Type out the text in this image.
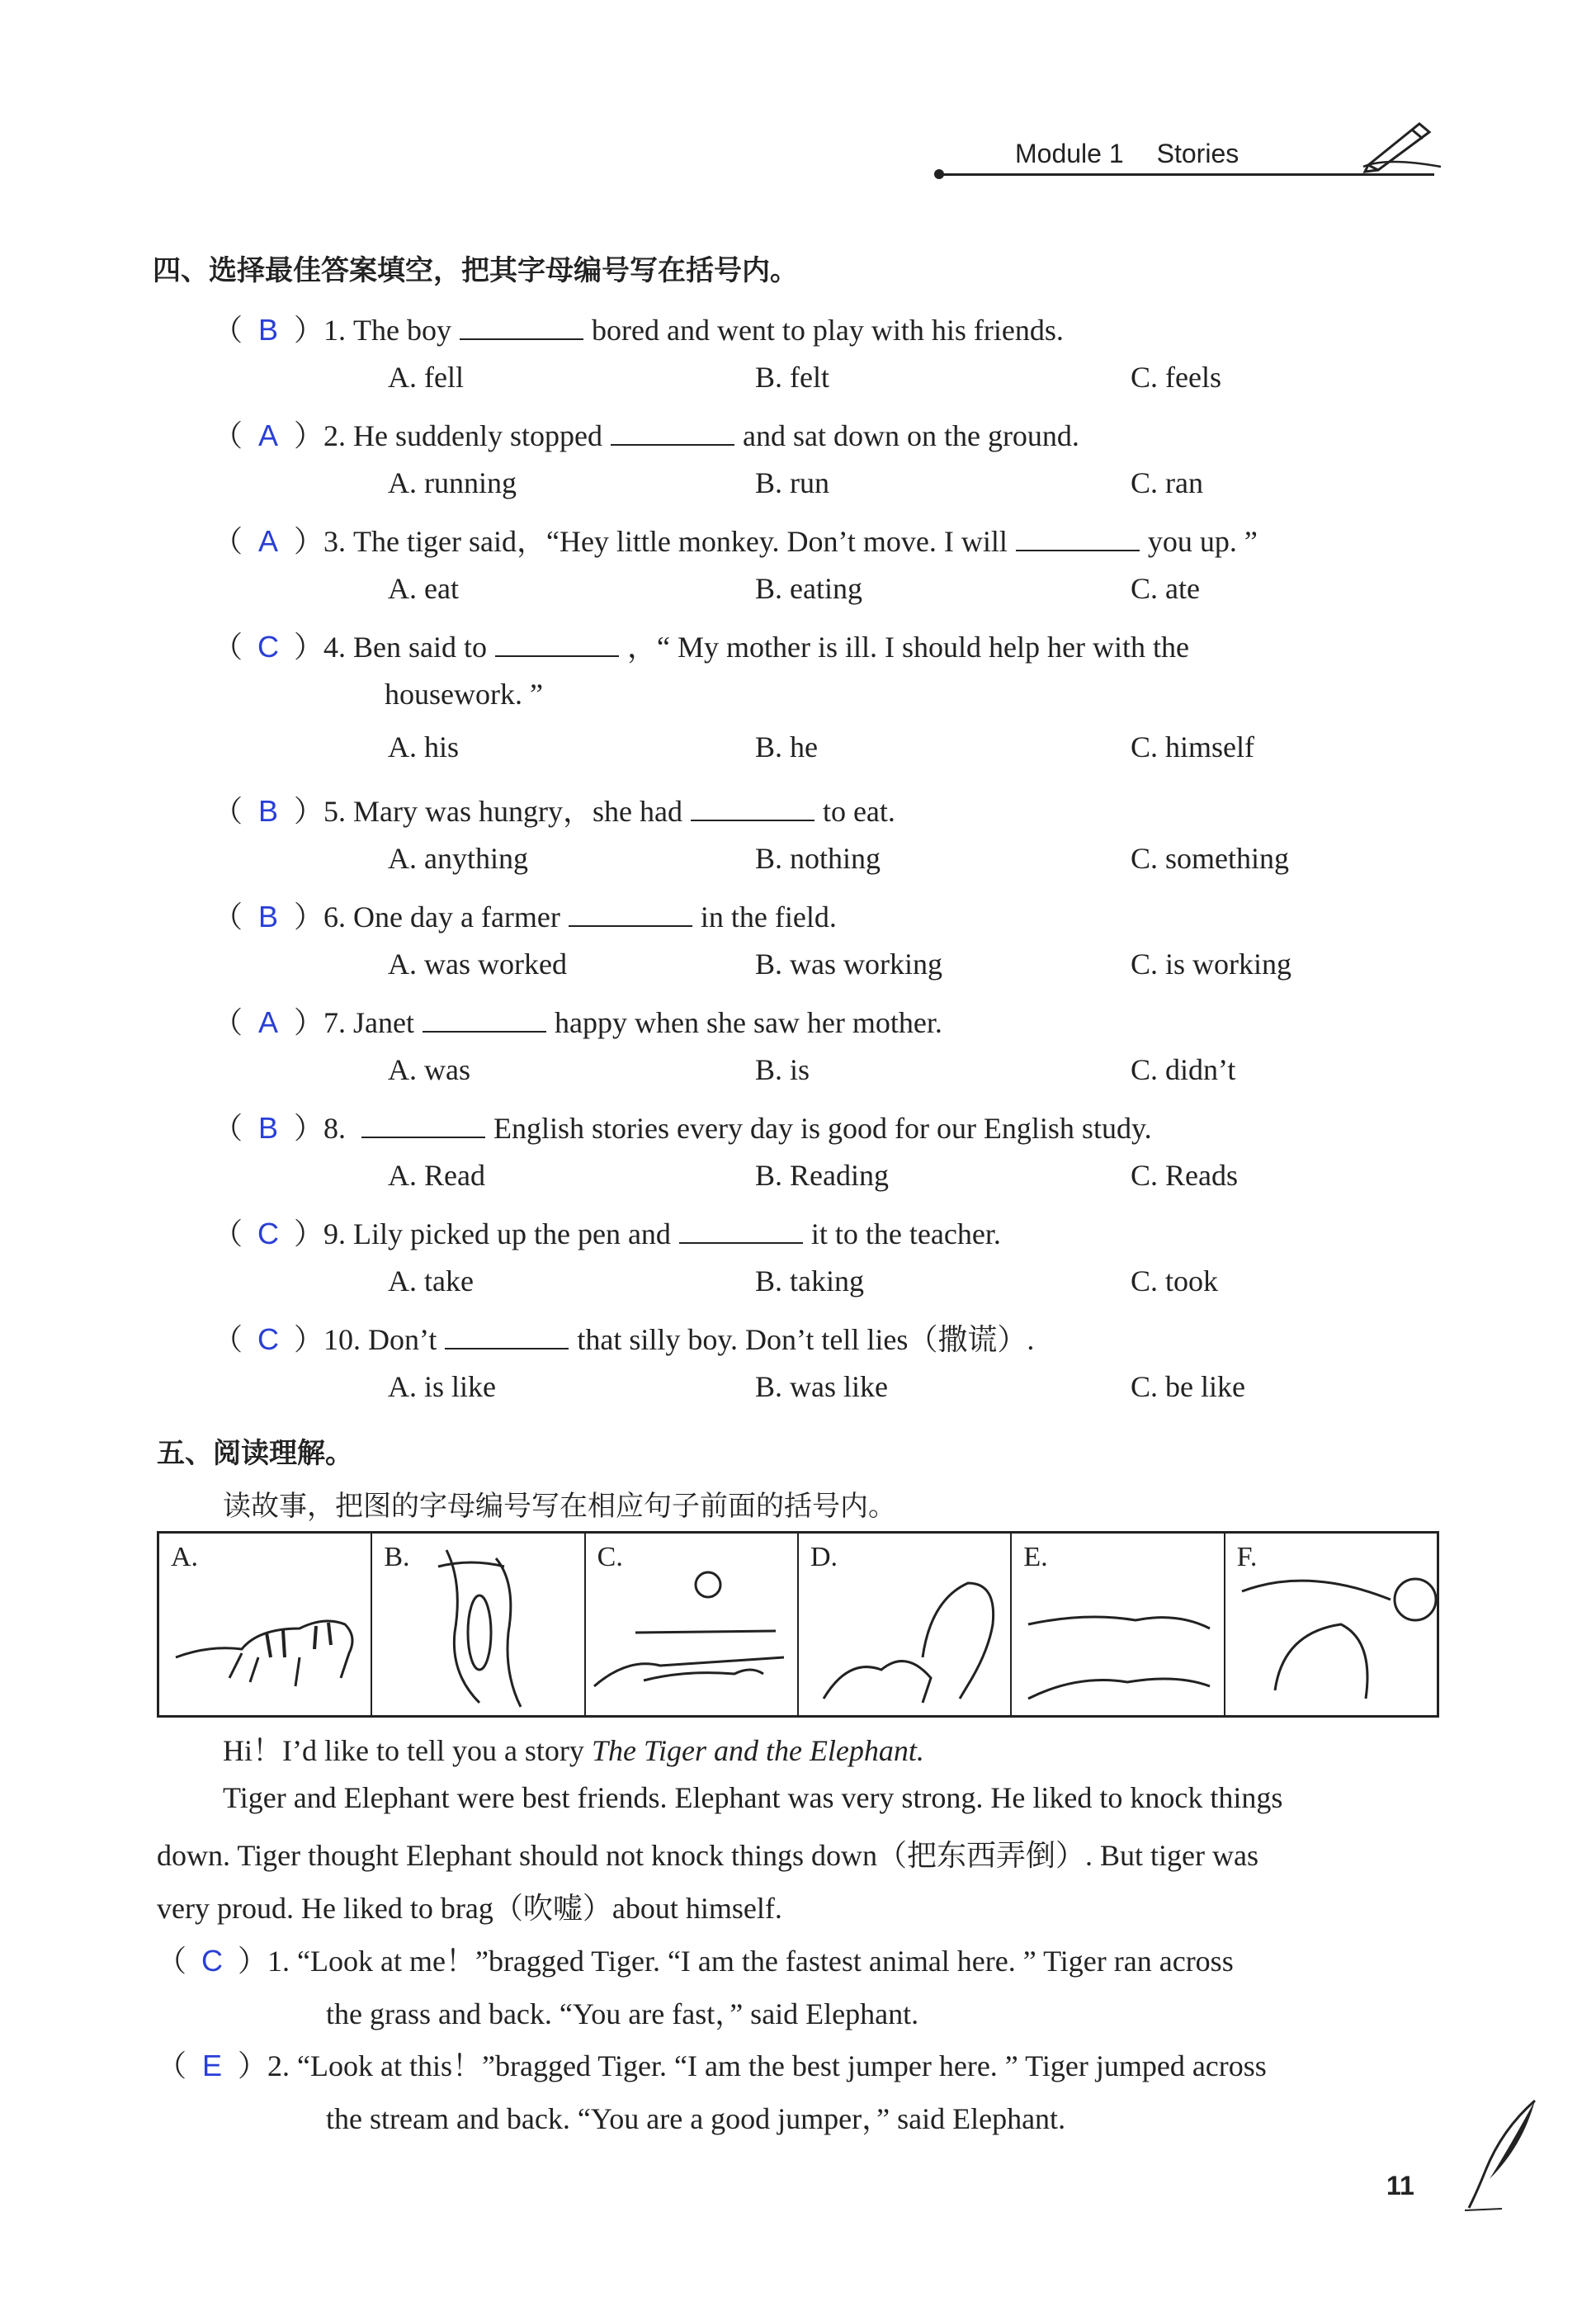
Module 1 Stories
四、选择最佳答案填空，把其字母编号写在括号内。
（ B ）1. The boy	bored and went to play with his friends.
A. fell	B. felt	C. feels
（ A ）2. He suddenly stopped	and sat down on the ground.
A. running	B. run	C. ran
（ A ）3. The tiger said，“Hey little monkey. Don’t move. I will	you up. ”
A. eat	B. eating	C. ate
（ C ）4. Ben said to	，“ My mother is ill. I should help her with the
housework. ”
A. his	B. he	C. himself
（ B ）5. Mary was hungry，she had	to eat.
A. anything	B. nothing	C. something
（ B ）6. One day a farmer	in the field.
A. was worked	B. was working	C. is working
（ A ）7. Janet	happy when she saw her mother.
A. was	B. is	C. didn’t
（ B ）8.	English stories every day is good for our English study.
A. Read	B. Reading	C. Reads
（ C ）9. Lily picked up the pen and	it to the teacher.
A. take	B. taking	C. took
（ C ）10. Don’t	that silly boy. Don’t tell lies（撒谎）.
A. is like	B. was like	C. be like
五、阅读理解。
读故事，把图的字母编号写在相应句子前面的括号内。
A.	B.	C.	D.	E.	F.
Hi！I’d like to tell you a story The Tiger and the Elephant.
Tiger and Elephant were best friends. Elephant was very strong. He liked to knock things
down. Tiger thought Elephant should not knock things down（把东西弄倒）. But tiger was
very proud. He liked to brag（吹嘘）about himself.
（ C ）1. “Look at me！”bragged Tiger. “I am the fastest animal here. ” Tiger ran across
the grass and back. “You are fast，” said Elephant.
（ E ）2. “Look at this！”bragged Tiger. “I am the best jumper here. ” Tiger jumped across
the stream and back. “You are a good jumper，” said Elephant.
11
